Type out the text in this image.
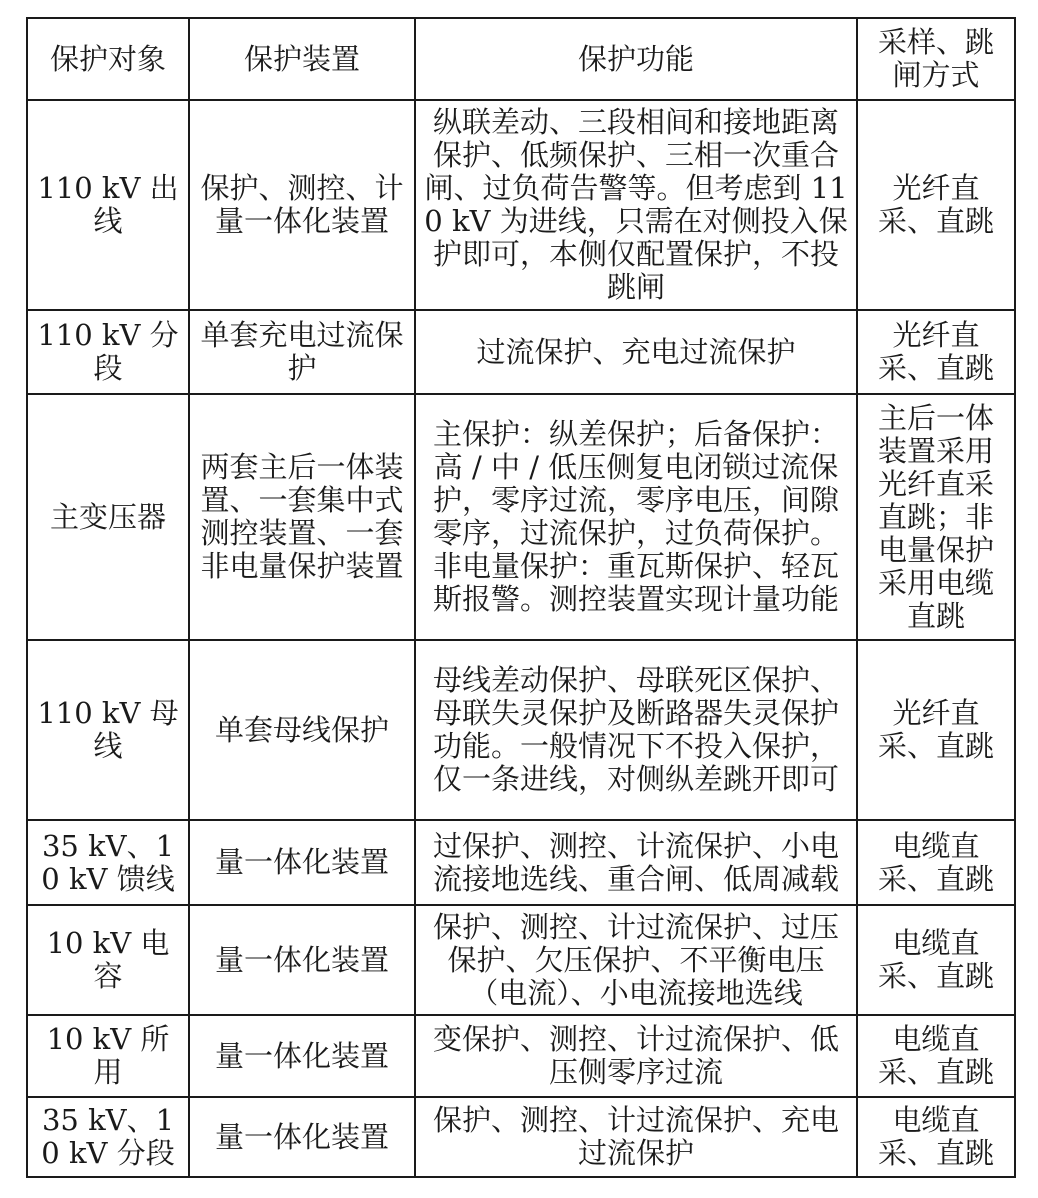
保护对象	保护装置	保护功能	采样、跳闸方式
110 kV 出线	保护、测控、计量一体化装置	纵联差动、三段相间和接地距离保护、低频保护、三相一次重合闸、过负荷告警等。但考虑到 110 kV 为进线，只需在对侧投入保护即可，本侧仅配置保护，不投跳闸	光纤直采、直跳
110 kV 分段	单套充电过流保护	过流保护、充电过流保护	光纤直采、直跳
主变压器	两套主后一体装置、一套集中式测控装置、一套非电量保护装置	主保护：纵差保护；后备保护：高 / 中 / 低压侧复电闭锁过流保护，零序过流，零序电压，间隙零序，过流保护，过负荷保护。非电量保护：重瓦斯保护、轻瓦斯报警。测控装置实现计量功能	主后一体装置采用光纤直采直跳；非电量保护采用电缆直跳
110 kV 母线	单套母线保护	母线差动保护、母联死区保护、母联失灵保护及断路器失灵保护功能。一般情况下不投入保护，仅一条进线，对侧纵差跳开即可	光纤直采、直跳
35 kV、10 kV 馈线	量一体化装置	过保护、测控、计流保护、小电流接地选线、重合闸、低周减载	电缆直采、直跳
10 kV 电容	量一体化装置	保护、测控、计过流保护、过压保护、欠压保护、不平衡电压（电流）、小电流接地选线	电缆直采、直跳
10 kV 所用	量一体化装置	变保护、测控、计过流保护、低压侧零序过流	电缆直采、直跳
35 kV、10 kV 分段	量一体化装置	保护、测控、计过流保护、充电过流保护	电缆直采、直跳
